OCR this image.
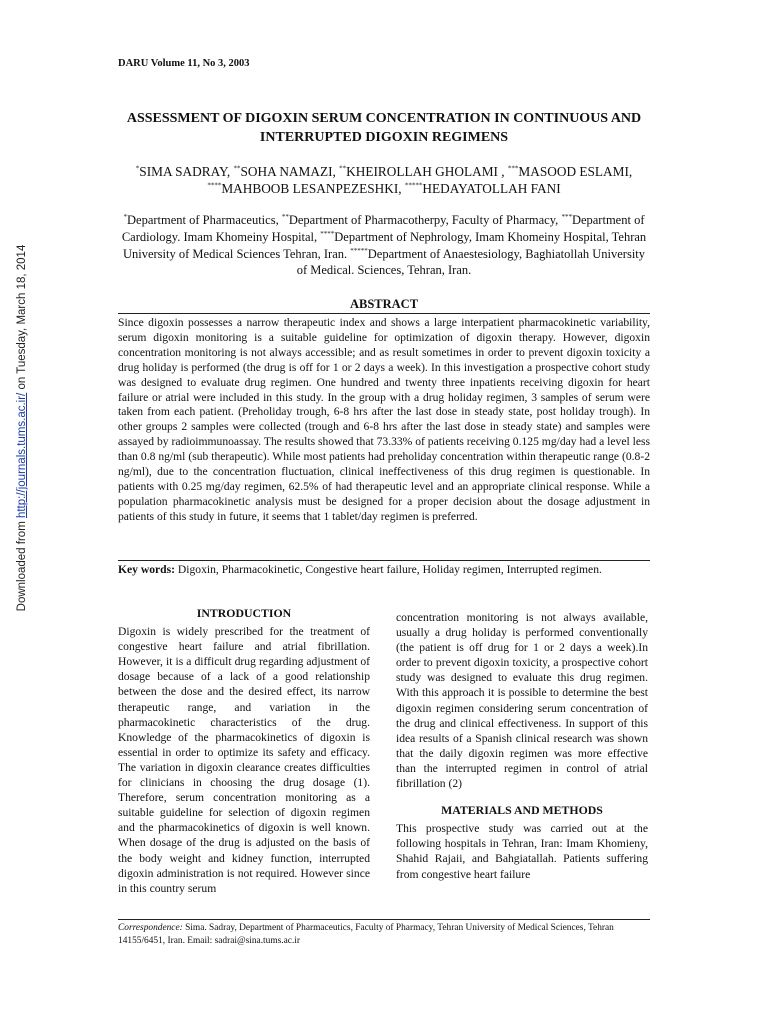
Downloaded from http://journals.tums.ac.ir/ on Tuesday, March 18, 2014
DARU Volume 11, No 3, 2003
ASSESSMENT OF DIGOXIN SERUM CONCENTRATION IN CONTINUOUS AND INTERRUPTED DIGOXIN REGIMENS
*SIMA SADRAY, **SOHA NAMAZI, **KHEIROLLAH GHOLAMI , ***MASOOD ESLAMI, ****MAHBOOB LESANPEZESHKI, *****HEDAYATOLLAH FANI
*Department of Pharmaceutics, **Department of Pharmacotherpy, Faculty of Pharmacy, ***Department of Cardiology. Imam Khomeiny Hospital, ****Department of Nephrology, Imam Khomeiny Hospital, Tehran University of Medical Sciences Tehran, Iran. *****Department of Anaestesiology, Baghiatollah University of Medical. Sciences, Tehran, Iran.
ABSTRACT
Since digoxin possesses a narrow therapeutic index and shows a large interpatient pharmacokinetic variability, serum digoxin monitoring is a suitable guideline for optimization of digoxin therapy. However, digoxin concentration monitoring is not always accessible; and as result sometimes in order to prevent digoxin toxicity a drug holiday is performed (the drug is off for 1 or 2 days a week). In this investigation a prospective cohort study was designed to evaluate drug regimen. One hundred and twenty three inpatients receiving digoxin for heart failure or atrial were included in this study. In the group with a drug holiday regimen, 3 samples of serum were taken from each patient. (Preholiday trough, 6-8 hrs after the last dose in steady state, post holiday trough). In other groups 2 samples were collected (trough and 6-8 hrs after the last dose in steady state) and samples were assayed by radioimmunoassay. The results showed that 73.33% of patients receiving 0.125 mg/day had a level less than 0.8 ng/ml (sub therapeutic). While most patients had preholiday concentration within therapeutic range (0.8-2 ng/ml), due to the concentration fluctuation, clinical ineffectiveness of this drug regimen is questionable. In patients with 0.25 mg/day regimen, 62.5% of had therapeutic level and an appropriate clinical response. While a population pharmacokinetic analysis must be designed for a proper decision about the dosage adjustment in patients of this study in future, it seems that 1 tablet/day regimen is preferred.
Key words: Digoxin, Pharmacokinetic, Congestive heart failure, Holiday regimen, Interrupted regimen.
INTRODUCTION

Digoxin is widely prescribed for the treatment of congestive heart failure and atrial fibrillation. However, it is a difficult drug regarding adjustment of dosage because of a lack of a good relationship between the dose and the desired effect, its narrow therapeutic range, and variation in the pharmacokinetic characteristics of the drug. Knowledge of the pharmacokinetics of digoxin is essential in order to optimize its safety and efficacy. The variation in digoxin clearance creates difficulties for clinicians in choosing the drug dosage (1). Therefore, serum concentration monitoring as a suitable guideline for selection of digoxin regimen and the pharmacokinetics of digoxin is well known. When dosage of the drug is adjusted on the basis of the body weight and kidney function, interrupted digoxin administration is not required. However since in this country serum

concentration monitoring is not always available, usually a drug holiday is performed conventionally (the patient is off drug for 1 or 2 days a week).In order to prevent digoxin toxicity, a prospective cohort study was designed to evaluate this drug regimen. With this approach it is possible to determine the best digoxin regimen considering serum concentration of the drug and clinical effectiveness. In support of this idea results of a Spanish clinical research was shown that the daily digoxin regimen was more effective than the interrupted regimen in control of atrial fibrillation (2)

MATERIALS AND METHODS

This prospective study was carried out at the following hospitals in Tehran, Iran: Imam Khomieny, Shahid Rajaii, and Bahgiatallah. Patients suffering from congestive heart failure

Correspondence: Sima. Sadray, Department of Pharmaceutics, Faculty of Pharmacy, Tehran University of Medical Sciences, Tehran 14155/6451, Iran. Email: sadrai@sina.tums.ac.ir
